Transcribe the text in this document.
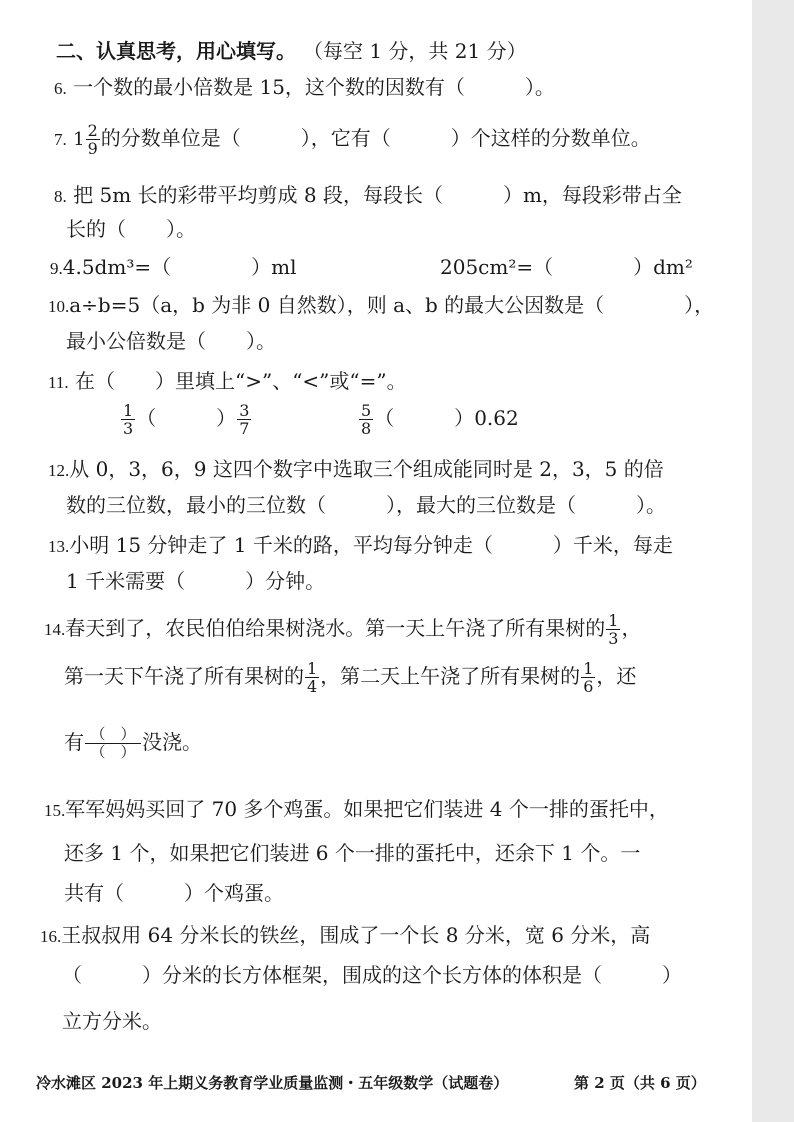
二、认真思考，用心填写。 （每空 1 分，共 21 分）
6. 一个数的最小倍数是 15，这个数的因数有（　　　）。
7. $1 \frac{2}{9}$ 的分数单位是（　　　），它有（　　　）个这样的分数单位。
8. 把 5m 长的彩带平均剪成 8 段，每段长（　　　）m，每段彩带占全
长的（　　）。
9.4.5dm³=（　　　　）ml	205cm²=（　　　　）dm²
10.a÷b=5（a，b 为非 0 自然数），则 a、b 的最大公因数是（　　　　），
最小公倍数是（　　）。
11. 在（　　）里填上“>”、“<”或“=”。
$\frac{1}{3}$ （　　　） $\frac{3}{7}$	$\frac{5}{8}$ （　　　）0.62
12.从 0，3，6，9 这四个数字中选取三个组成能同时是 2，3，5 的倍
数的三位数，最小的三位数（　　　），最大的三位数是（　　　）。
13.小明 15 分钟走了 1 千米的路，平均每分钟走（　　　）千米，每走
1 千米需要（　　　）分钟。
14.春天到了，农民伯伯给果树浇水。第一天上午浇了所有果树的 $\frac{1}{3}$ ，
第一天下午浇了所有果树的 $\frac{1}{4}$ ，第二天上午浇了所有果树的 $\frac{1}{6}$ ，还
有 $\frac{( )}{( )}$ 没浇。
15.军军妈妈买回了 70 多个鸡蛋。如果把它们装进 4 个一排的蛋托中，
还多 1 个，如果把它们装进 6 个一排的蛋托中，还余下 1 个。一
共有（　　　）个鸡蛋。
16.王叔叔用 64 分米长的铁丝，围成了一个长 8 分米，宽 6 分米，高
（　　　）分米的长方体框架，围成的这个长方体的体积是（　　　）
立方分米。
冷水滩区 2023 年上期义务教育学业质量监测・五年级数学（试题卷）	第 2 页（共 6 页）
